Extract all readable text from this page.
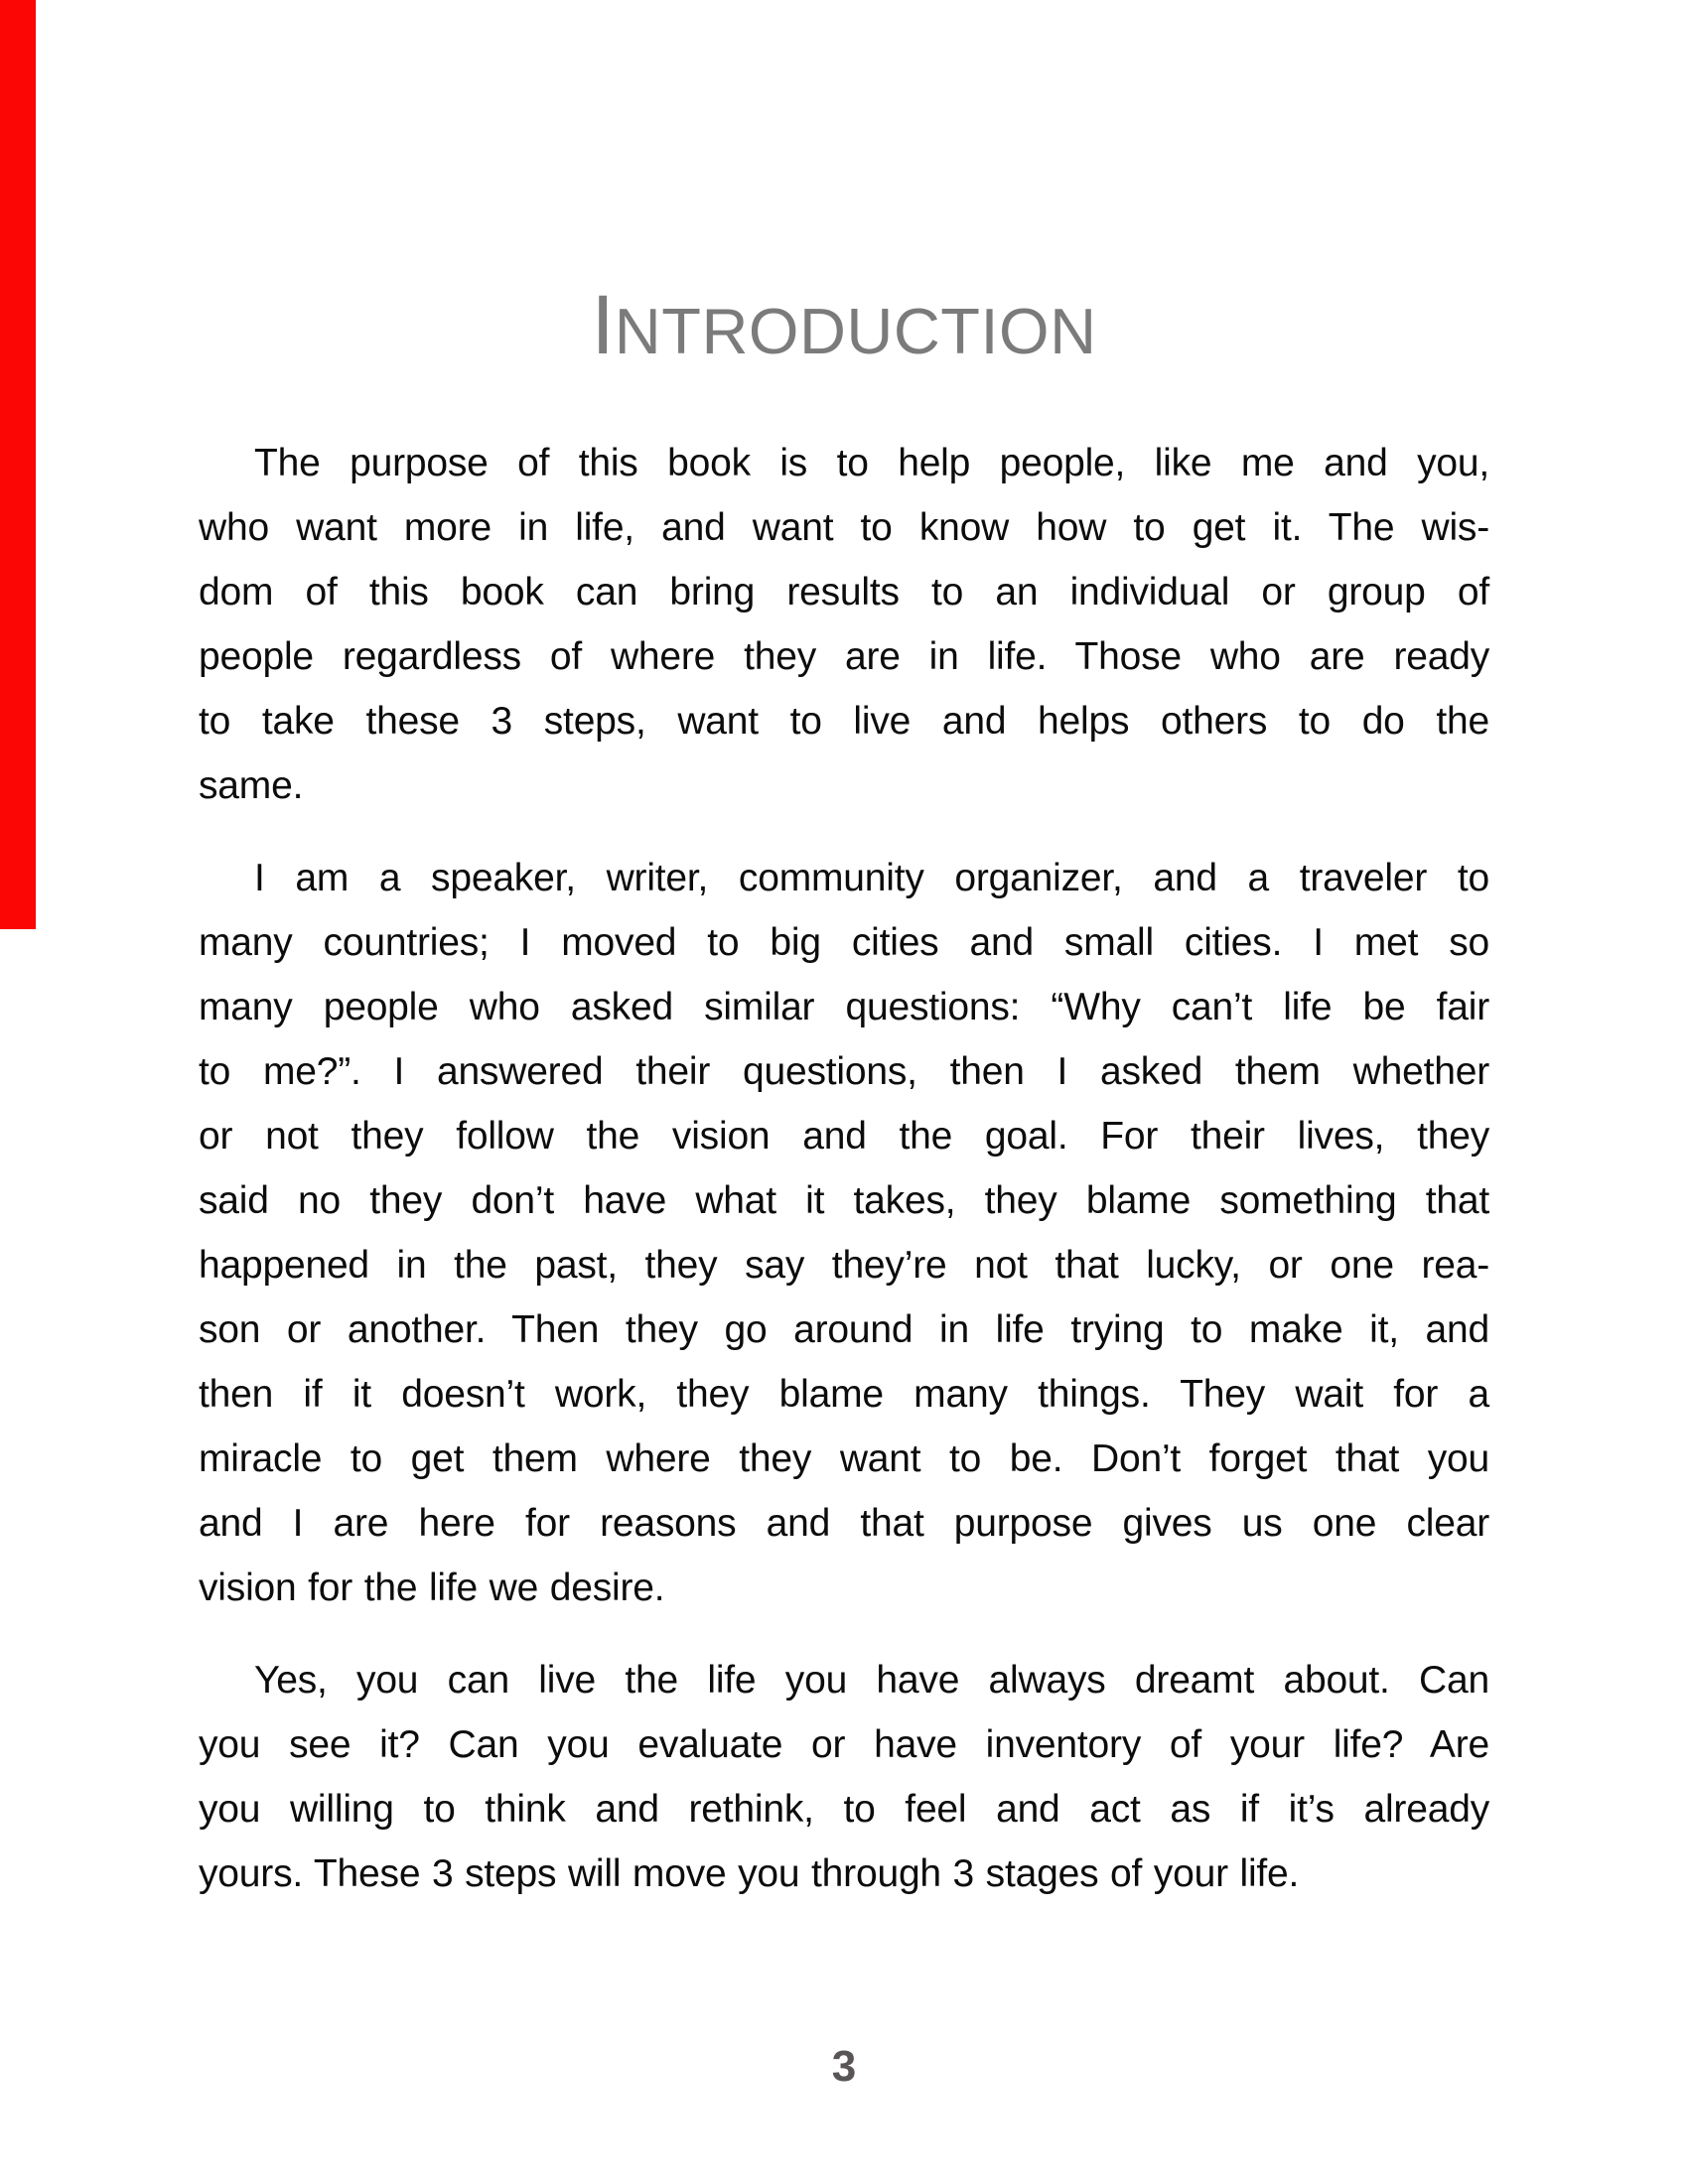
INTRODUCTION
The purpose of this book is to help people, like me and you,
who want more in life, and want to know how to get it. The wis-
dom of this book can bring results to an individual or group of
people regardless of where they are in life. Those who are ready
to take these 3 steps, want to live and helps others to do the
same.
I am a speaker, writer, community organizer, and a traveler to
many countries; I moved to big cities and small cities. I met so
many people who asked similar questions: “Why can’t life be fair
to me?”. I answered their questions, then I asked them whether
or not they follow the vision and the goal. For their lives, they
said no they don’t have what it takes, they blame something that
happened in the past, they say they’re not that lucky, or one rea-
son or another. Then they go around in life trying to make it, and
then if it doesn’t work, they blame many things. They wait for a
miracle to get them where they want to be. Don’t forget that you
and I are here for reasons and that purpose gives us one clear
vision for the life we desire.
Yes, you can live the life you have always dreamt about. Can
you see it? Can you evaluate or have inventory of your life? Are
you willing to think and rethink, to feel and act as if it’s already
yours. These 3 steps will move you through 3 stages of your life.
3
